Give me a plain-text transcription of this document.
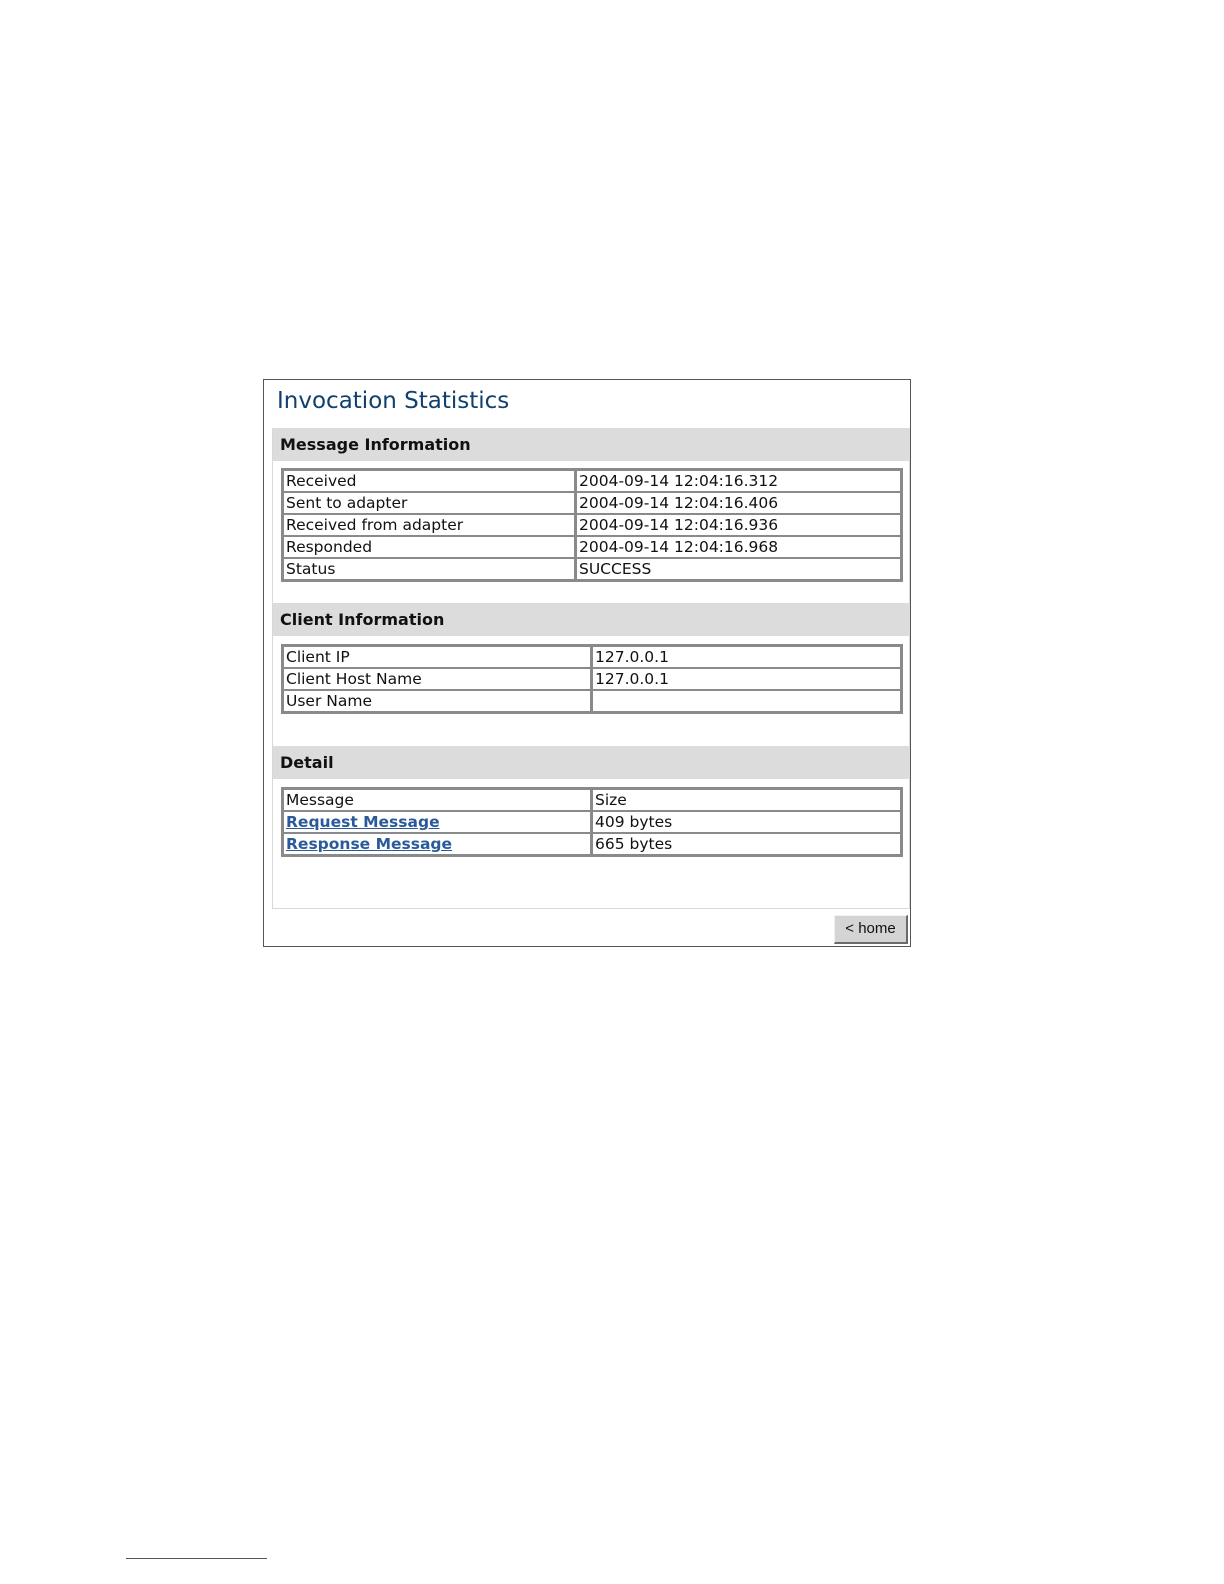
Invocation Statistics
Message Information
Received	2004-09-14 12:04:16.312
Sent to adapter	2004-09-14 12:04:16.406
Received from adapter	2004-09-14 12:04:16.936
Responded	2004-09-14 12:04:16.968
Status	SUCCESS
Client Information
Client IP	127.0.0.1
Client Host Name	127.0.0.1
User Name	
Detail
Message	Size
Request Message	409 bytes
Response Message	665 bytes
< home
